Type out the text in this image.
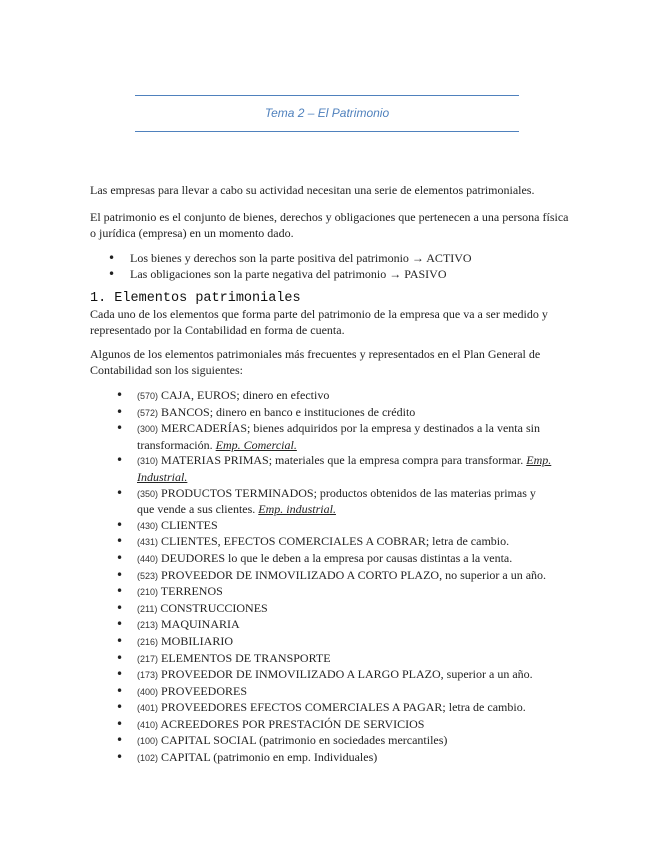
Tema 2 – El Patrimonio
Las empresas para llevar a cabo su actividad necesitan una serie de elementos patrimoniales.
El patrimonio es el conjunto de bienes, derechos y obligaciones que pertenecen a una persona física o jurídica (empresa) en un momento dado.
• Los bienes y derechos son la parte positiva del patrimonio → ACTIVO
• Las obligaciones son la parte negativa del patrimonio → PASIVO
1. Elementos patrimoniales
Cada uno de los elementos que forma parte del patrimonio de la empresa que va a ser medido y representado por la Contabilidad en forma de cuenta.
Algunos de los elementos patrimoniales más frecuentes y representados en el Plan General de Contabilidad son los siguientes:
• (570) CAJA, EUROS; dinero en efectivo
• (572) BANCOS; dinero en banco e instituciones de crédito
• (300) MERCADERÍAS; bienes adquiridos por la empresa y destinados a la venta sin transformación. Emp. Comercial.
• (310) MATERIAS PRIMAS; materiales que la empresa compra para transformar. Emp. Industrial.
• (350) PRODUCTOS TERMINADOS; productos obtenidos de las materias primas y que vende a sus clientes. Emp. industrial.
• (430) CLIENTES
• (431) CLIENTES, EFECTOS COMERCIALES A COBRAR; letra de cambio.
• (440) DEUDORES lo que le deben a la empresa por causas distintas a la venta.
• (523) PROVEEDOR DE INMOVILIZADO A CORTO PLAZO, no superior a un año.
• (210) TERRENOS
• (211) CONSTRUCCIONES
• (213) MAQUINARIA
• (216) MOBILIARIO
• (217) ELEMENTOS DE TRANSPORTE
• (173) PROVEEDOR DE INMOVILIZADO A LARGO PLAZO, superior a un año.
• (400) PROVEEDORES
• (401) PROVEEDORES EFECTOS COMERCIALES A PAGAR; letra de cambio.
• (410) ACREEDORES POR PRESTACIÓN DE SERVICIOS
• (100) CAPITAL SOCIAL (patrimonio en sociedades mercantiles)
• (102) CAPITAL (patrimonio en emp. Individuales)
